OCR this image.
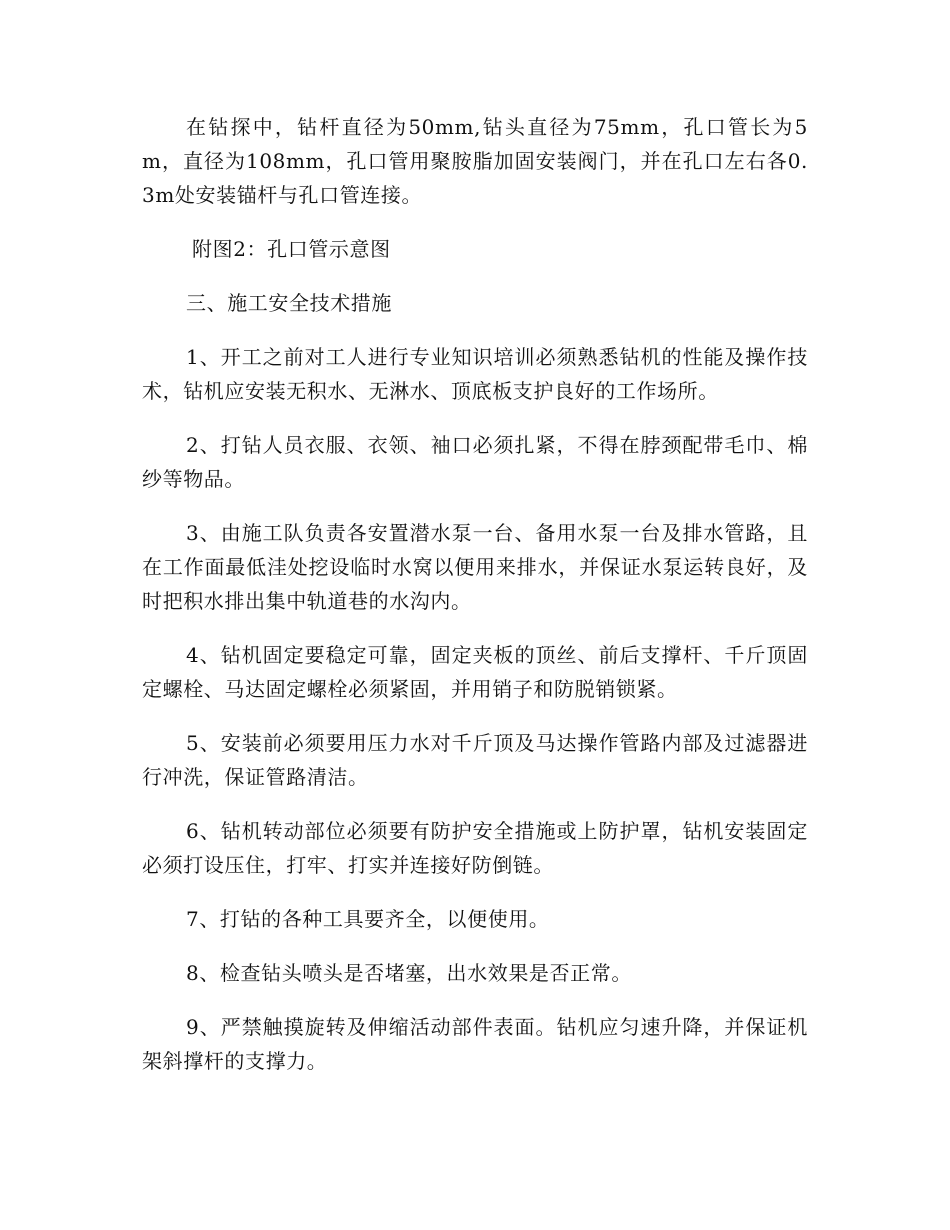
在钻探中，钻杆直径为50mm,钻头直径为75mm，孔口管长为5m，直径为108mm，孔口管用聚胺脂加固安装阀门，并在孔口左右各0.3m处安装锚杆与孔口管连接。

附图2：孔口管示意图

三、施工安全技术措施

1、开工之前对工人进行专业知识培训必须熟悉钻机的性能及操作技术，钻机应安装无积水、无淋水、顶底板支护良好的工作场所。

2、打钻人员衣服、衣领、袖口必须扎紧，不得在脖颈配带毛巾、棉纱等物品。

3、由施工队负责各安置潜水泵一台、备用水泵一台及排水管路，且在工作面最低洼处挖设临时水窝以便用来排水，并保证水泵运转良好，及时把积水排出集中轨道巷的水沟内。

4、钻机固定要稳定可靠，固定夹板的顶丝、前后支撑杆、千斤顶固定螺栓、马达固定螺栓必须紧固，并用销子和防脱销锁紧。

5、安装前必须要用压力水对千斤顶及马达操作管路内部及过滤器进行冲洗，保证管路清洁。

6、钻机转动部位必须要有防护安全措施或上防护罩，钻机安装固定必须打设压住，打牢、打实并连接好防倒链。

7、打钻的各种工具要齐全，以便使用。

8、检查钻头喷头是否堵塞，出水效果是否正常。

9、严禁触摸旋转及伸缩活动部件表面。钻机应匀速升降，并保证机架斜撑杆的支撑力。
